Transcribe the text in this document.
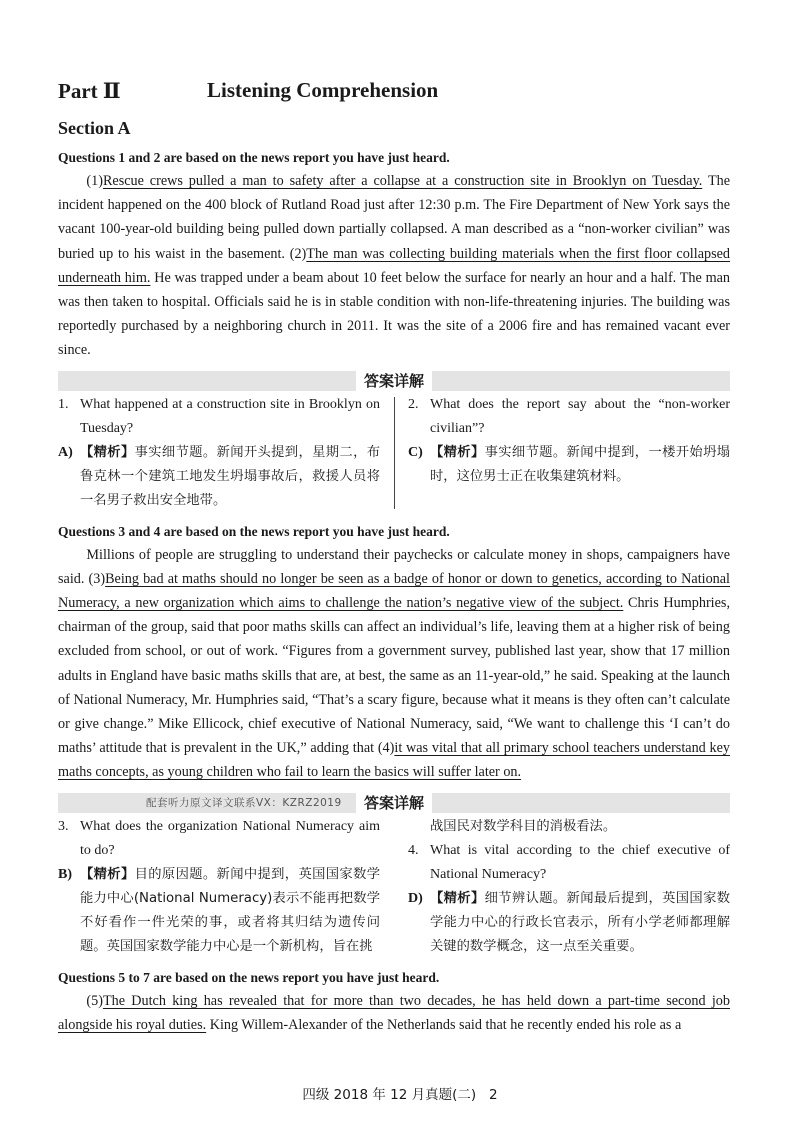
Part Ⅱ	Listening Comprehension
Section A
Questions 1 and 2 are based on the news report you have just heard.
(1)Rescue crews pulled a man to safety after a collapse at a construction site in Brooklyn on Tuesday. The incident happened on the 400 block of Rutland Road just after 12:30 p.m. The Fire Department of New York says the vacant 100-year-old building being pulled down partially collapsed. A man described as a “non-worker civilian” was buried up to his waist in the basement. (2)The man was collecting building materials when the first floor collapsed underneath him. He was trapped under a beam about 10 feet below the surface for nearly an hour and a half. The man was then taken to hospital. Officials said he is in stable condition with non-life-threatening injuries. The building was reportedly purchased by a neighboring church in 2011. It was the site of a 2006 fire and has remained vacant ever since.
答案详解
1. What happened at a construction site in Brooklyn on Tuesday?
A) 【精析】事实细节题。新闻开头提到，星期二，布鲁克林一个建筑工地发生坍塌事故后，救援人员将一名男子救出安全地带。
2. What does the report say about the “non-worker civilian”?
C) 【精析】事实细节题。新闻中提到，一楼开始坍塌时，这位男士正在收集建筑材料。
Questions 3 and 4 are based on the news report you have just heard.
Millions of people are struggling to understand their paychecks or calculate money in shops, campaigners have said. (3)Being bad at maths should no longer be seen as a badge of honor or down to genetics, according to National Numeracy, a new organization which aims to challenge the nation’s negative view of the subject. Chris Humphries, chairman of the group, said that poor maths skills can affect an individual’s life, leaving them at a higher risk of being excluded from school, or out of work. “Figures from a government survey, published last year, show that 17 million adults in England have basic maths skills that are, at best, the same as an 11-year-old,” he said. Speaking at the launch of National Numeracy, Mr. Humphries said, “That’s a scary figure, because what it means is they often can’t calculate or give change.” Mike Ellicock, chief executive of National Numeracy, said, “We want to challenge this ‘I can’t do maths’ attitude that is prevalent in the UK,” adding that (4)it was vital that all primary school teachers understand key maths concepts, as young children who fail to learn the basics will suffer later on.
配套听力原文译文联系VX：KZRZ2019	答案详解
3. What does the organization National Numeracy aim to do?
B) 【精析】目的原因题。新闻中提到，英国国家数学能力中心(National Numeracy)表示不能再把数学不好看作一件光荣的事，或者将其归结为遗传问题。英国国家数学能力中心是一个新机构，旨在挑
战国民对数学科目的消极看法。
4. What is vital according to the chief executive of National Numeracy?
D) 【精析】细节辨认题。新闻最后提到，英国国家数学能力中心的行政长官表示，所有小学老师都理解关键的数学概念，这一点至关重要。
Questions 5 to 7 are based on the news report you have just heard.
(5)The Dutch king has revealed that for more than two decades, he has held down a part-time second job alongside his royal duties. King Willem-Alexander of the Netherlands said that he recently ended his role as a
四级 2018 年 12 月真题(二) 2
